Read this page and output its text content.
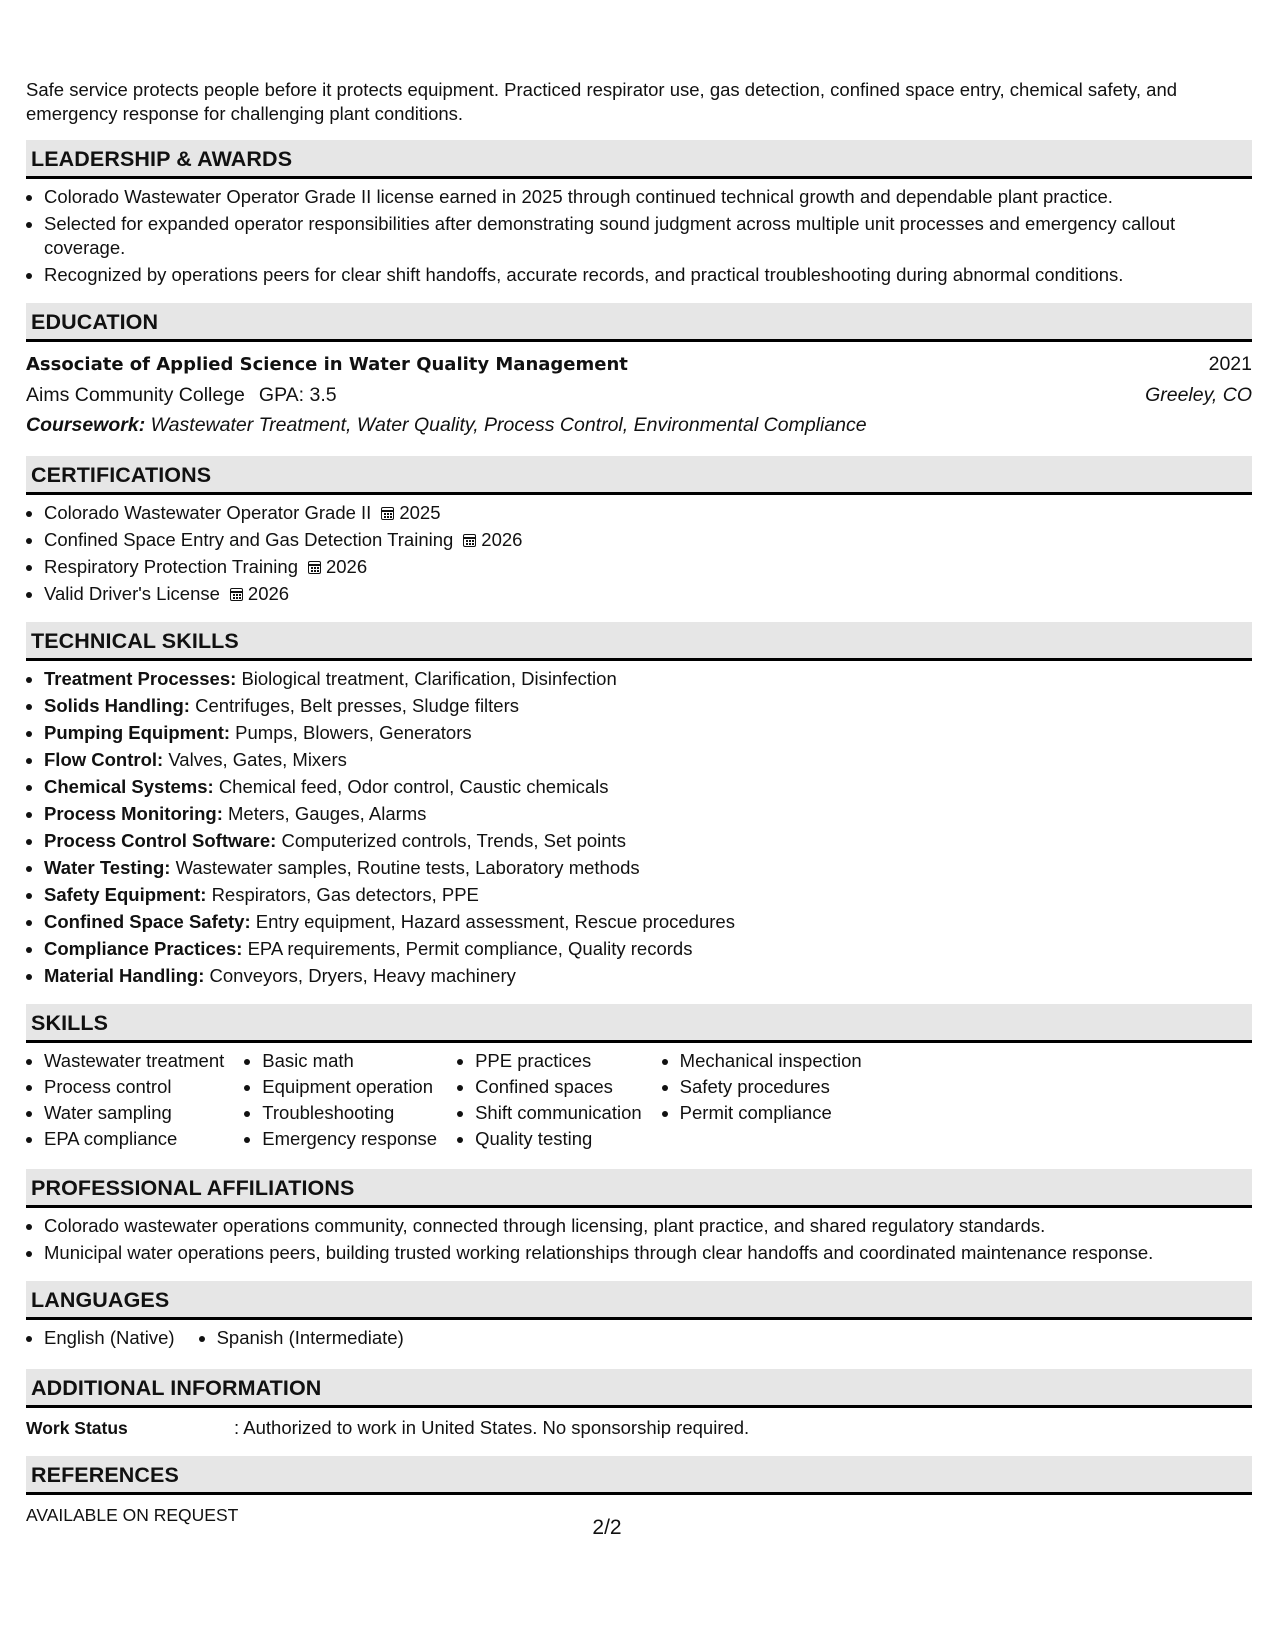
Safe service protects people before it protects equipment. Practiced respirator use, gas detection, confined space entry, chemical safety, and emergency response for challenging plant conditions.

LEADERSHIP & AWARDS
• Colorado Wastewater Operator Grade II license earned in 2025 through continued technical growth and dependable plant practice.
• Selected for expanded operator responsibilities after demonstrating sound judgment across multiple unit processes and emergency callout coverage.
• Recognized by operations peers for clear shift handoffs, accurate records, and practical troubleshooting during abnormal conditions.
EDUCATION
Associate of Applied Science in Water Quality Management	2021
Aims Community College GPA: 3.5	Greeley, CO
Coursework: Wastewater Treatment, Water Quality, Process Control, Environmental Compliance
CERTIFICATIONS
• Colorado Wastewater Operator Grade II 2025
• Confined Space Entry and Gas Detection Training 2026
• Respiratory Protection Training 2026
• Valid Driver's License 2026
TECHNICAL SKILLS
• Treatment Processes: Biological treatment, Clarification, Disinfection
• Solids Handling: Centrifuges, Belt presses, Sludge filters
• Pumping Equipment: Pumps, Blowers, Generators
• Flow Control: Valves, Gates, Mixers
• Chemical Systems: Chemical feed, Odor control, Caustic chemicals
• Process Monitoring: Meters, Gauges, Alarms
• Process Control Software: Computerized controls, Trends, Set points
• Water Testing: Wastewater samples, Routine tests, Laboratory methods
• Safety Equipment: Respirators, Gas detectors, PPE
• Confined Space Safety: Entry equipment, Hazard assessment, Rescue procedures
• Compliance Practices: EPA requirements, Permit compliance, Quality records
• Material Handling: Conveyors, Dryers, Heavy machinery
SKILLS
• Wastewater treatment
• Process control
• Water sampling
• EPA compliance
• Basic math
• Equipment operation
• Troubleshooting
• Emergency response
• PPE practices
• Confined spaces
• Shift communication
• Quality testing
• Mechanical inspection
• Safety procedures
• Permit compliance
PROFESSIONAL AFFILIATIONS
• Colorado wastewater operations community, connected through licensing, plant practice, and shared regulatory standards.
• Municipal water operations peers, building trusted working relationships through clear handoffs and coordinated maintenance response.
LANGUAGES
• English (Native)
• Spanish (Intermediate)
ADDITIONAL INFORMATION
Work Status	: Authorized to work in United States. No sponsorship required.
REFERENCES
AVAILABLE ON REQUEST
2/2
